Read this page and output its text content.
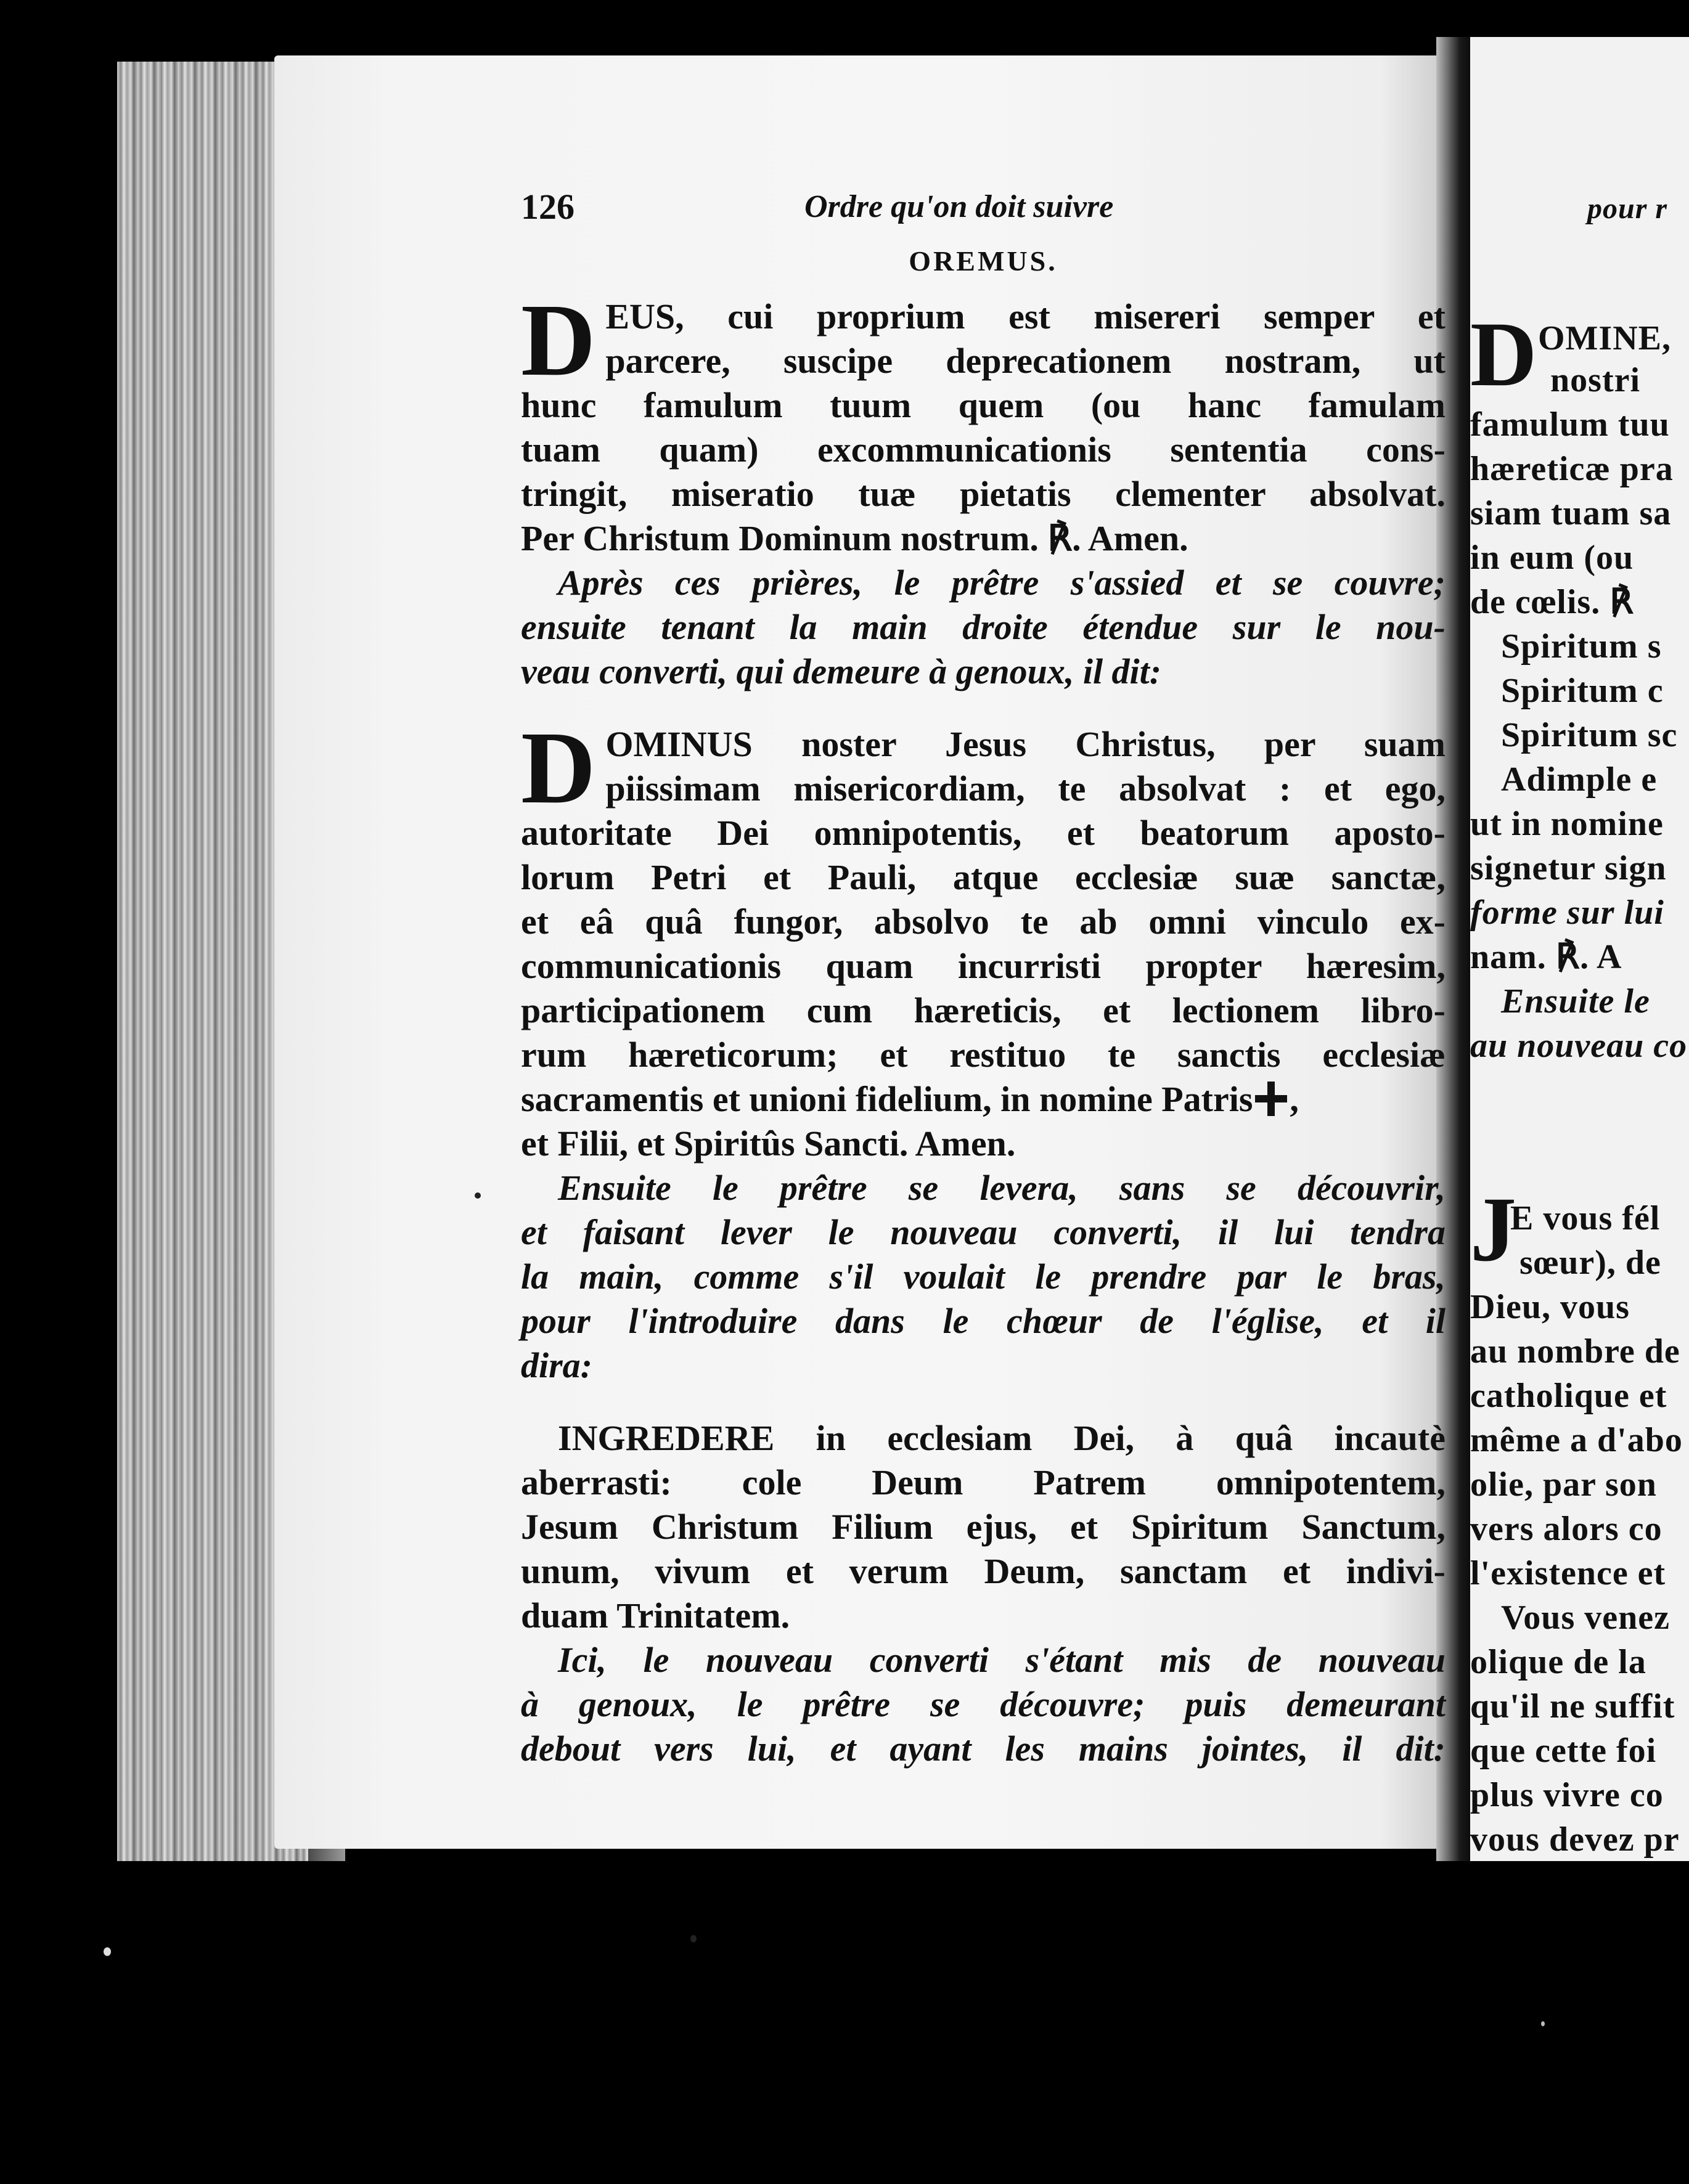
pour r
D OMINE,
nostri
famulum tuu
hæreticæ pra
siam tuam sa
in eum (ou
de cœlis. ℟
Spiritum s
Spiritum c
Spiritum sc
Adimple e
ut in nomine
signetur sign
forme sur lui
nam. ℟. A
Ensuite le
au nouveau co
J
E vous fél
sœur), de
Dieu, vous
au nombre de
catholique et
même a d'abo
olie, par son
vers alors co
l'existence et
Vous venez
olique de la
qu'il ne suffit
que cette foi
plus vivre co
vous devez pr
126	Ordre qu'on doit suivre
OREMUS.
D EUS, cui proprium est misereri semper et
parcere, suscipe deprecationem nostram, ut
hunc famulum tuum quem (ou hanc famulam
tuam quam) excommunicationis sententia cons-
tringit, miseratio tuæ pietatis clementer absolvat.
Per Christum Dominum nostrum. ℟. Amen.
Après ces prières, le prêtre s'assied et se couvre;
ensuite tenant la main droite étendue sur le nou-
veau converti, qui demeure à genoux, il dit:
D OMINUS noster Jesus Christus, per suam
piissimam misericordiam, te absolvat : et ego,
autoritate Dei omnipotentis, et beatorum aposto-
lorum Petri et Pauli, atque ecclesiæ suæ sanctæ,
et eâ quâ fungor, absolvo te ab omni vinculo ex-
communicationis quam incurristi propter hæresim,
participationem cum hæreticis, et lectionem libro-
rum hæreticorum; et restituo te sanctis ecclesiæ
sacramentis et unioni fidelium, in nomine Patris ,
et Filii, et Spiritûs Sancti. Amen.
Ensuite le prêtre se levera, sans se découvrir,
et faisant lever le nouveau converti, il lui tendra
la main, comme s'il voulait le prendre par le bras,
pour l'introduire dans le chœur de l'église, et il
dira:
INGREDERE in ecclesiam Dei, à quâ incautè
aberrasti: cole Deum Patrem omnipotentem,
Jesum Christum Filium ejus, et Spiritum Sanctum,
unum, vivum et verum Deum, sanctam et indivi-
duam Trinitatem.
Ici, le nouveau converti s'étant mis de nouveau
à genoux, le prêtre se découvre; puis demeurant
debout vers lui, et ayant les mains jointes, il dit:
